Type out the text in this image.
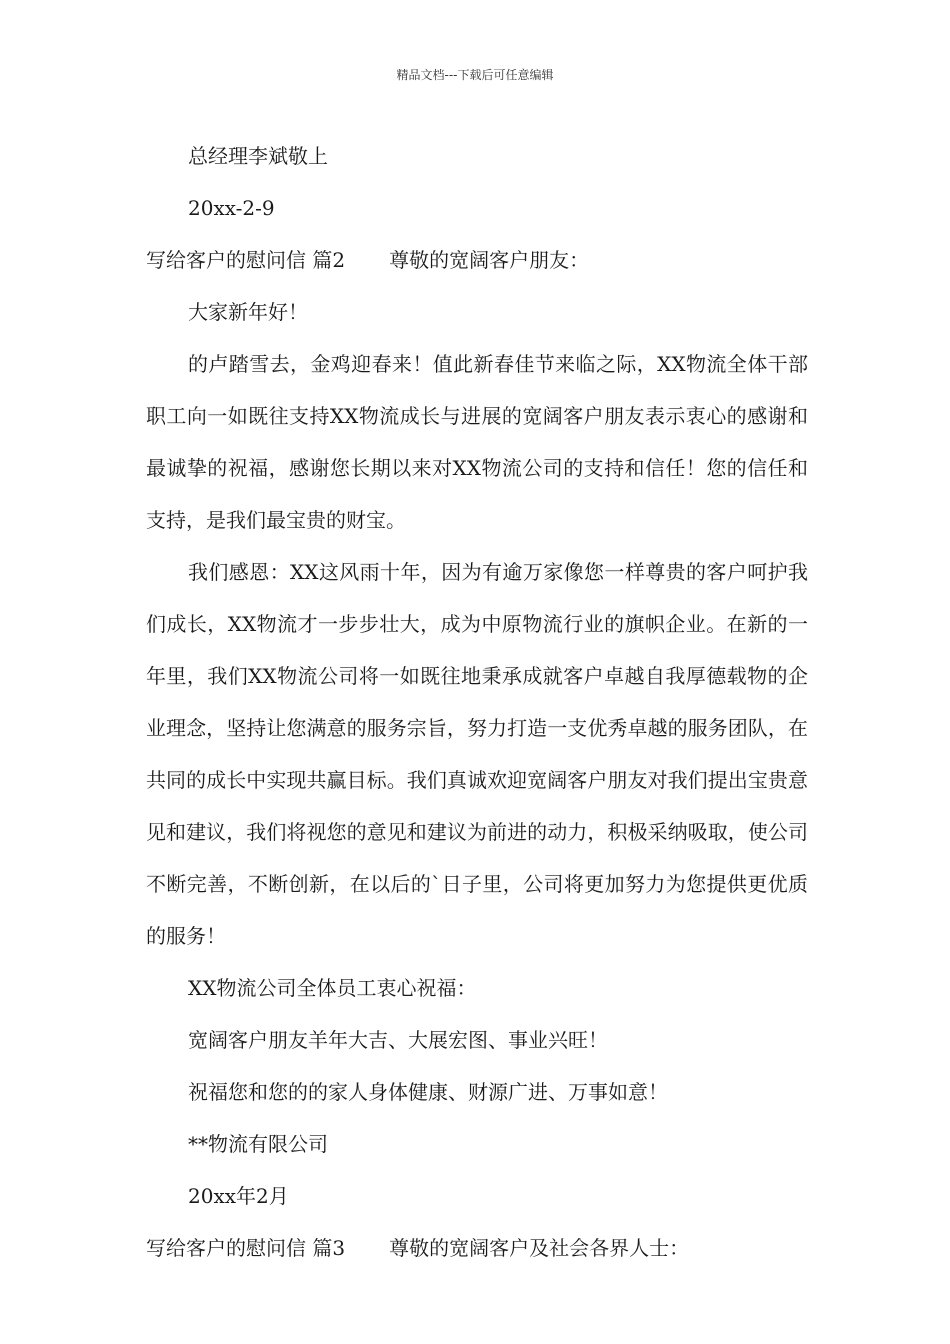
精品文档---下载后可任意编辑

总经理李斌敬上

20xx-2-9

写给客户的慰问信 篇2 尊敬的宽阔客户朋友：

大家新年好！

的卢踏雪去，金鸡迎春来！值此新春佳节来临之际，XX物流全体干部职工向一如既往支持XX物流成长与进展的宽阔客户朋友表示衷心的感谢和最诚挚的祝福，感谢您长期以来对XX物流公司的支持和信任！您的信任和支持，是我们最宝贵的财宝。

我们感恩：XX这风雨十年，因为有逾万家像您一样尊贵的客户呵护我们成长，XX物流才一步步壮大，成为中原物流行业的旗帜企业。在新的一年里，我们XX物流公司将一如既往地秉承成就客户卓越自我厚德载物的企业理念，坚持让您满意的服务宗旨，努力打造一支优秀卓越的服务团队，在共同的成长中实现共赢目标。我们真诚欢迎宽阔客户朋友对我们提出宝贵意见和建议，我们将视您的意见和建议为前进的动力，积极采纳吸取，使公司不断完善，不断创新，在以后的`日子里，公司将更加努力为您提供更优质的服务！

XX物流公司全体员工衷心祝福：

宽阔客户朋友羊年大吉、大展宏图、事业兴旺！

祝福您和您的的家人身体健康、财源广进、万事如意！

**物流有限公司

20xx年2月

写给客户的慰问信 篇3 尊敬的宽阔客户及社会各界人士：
